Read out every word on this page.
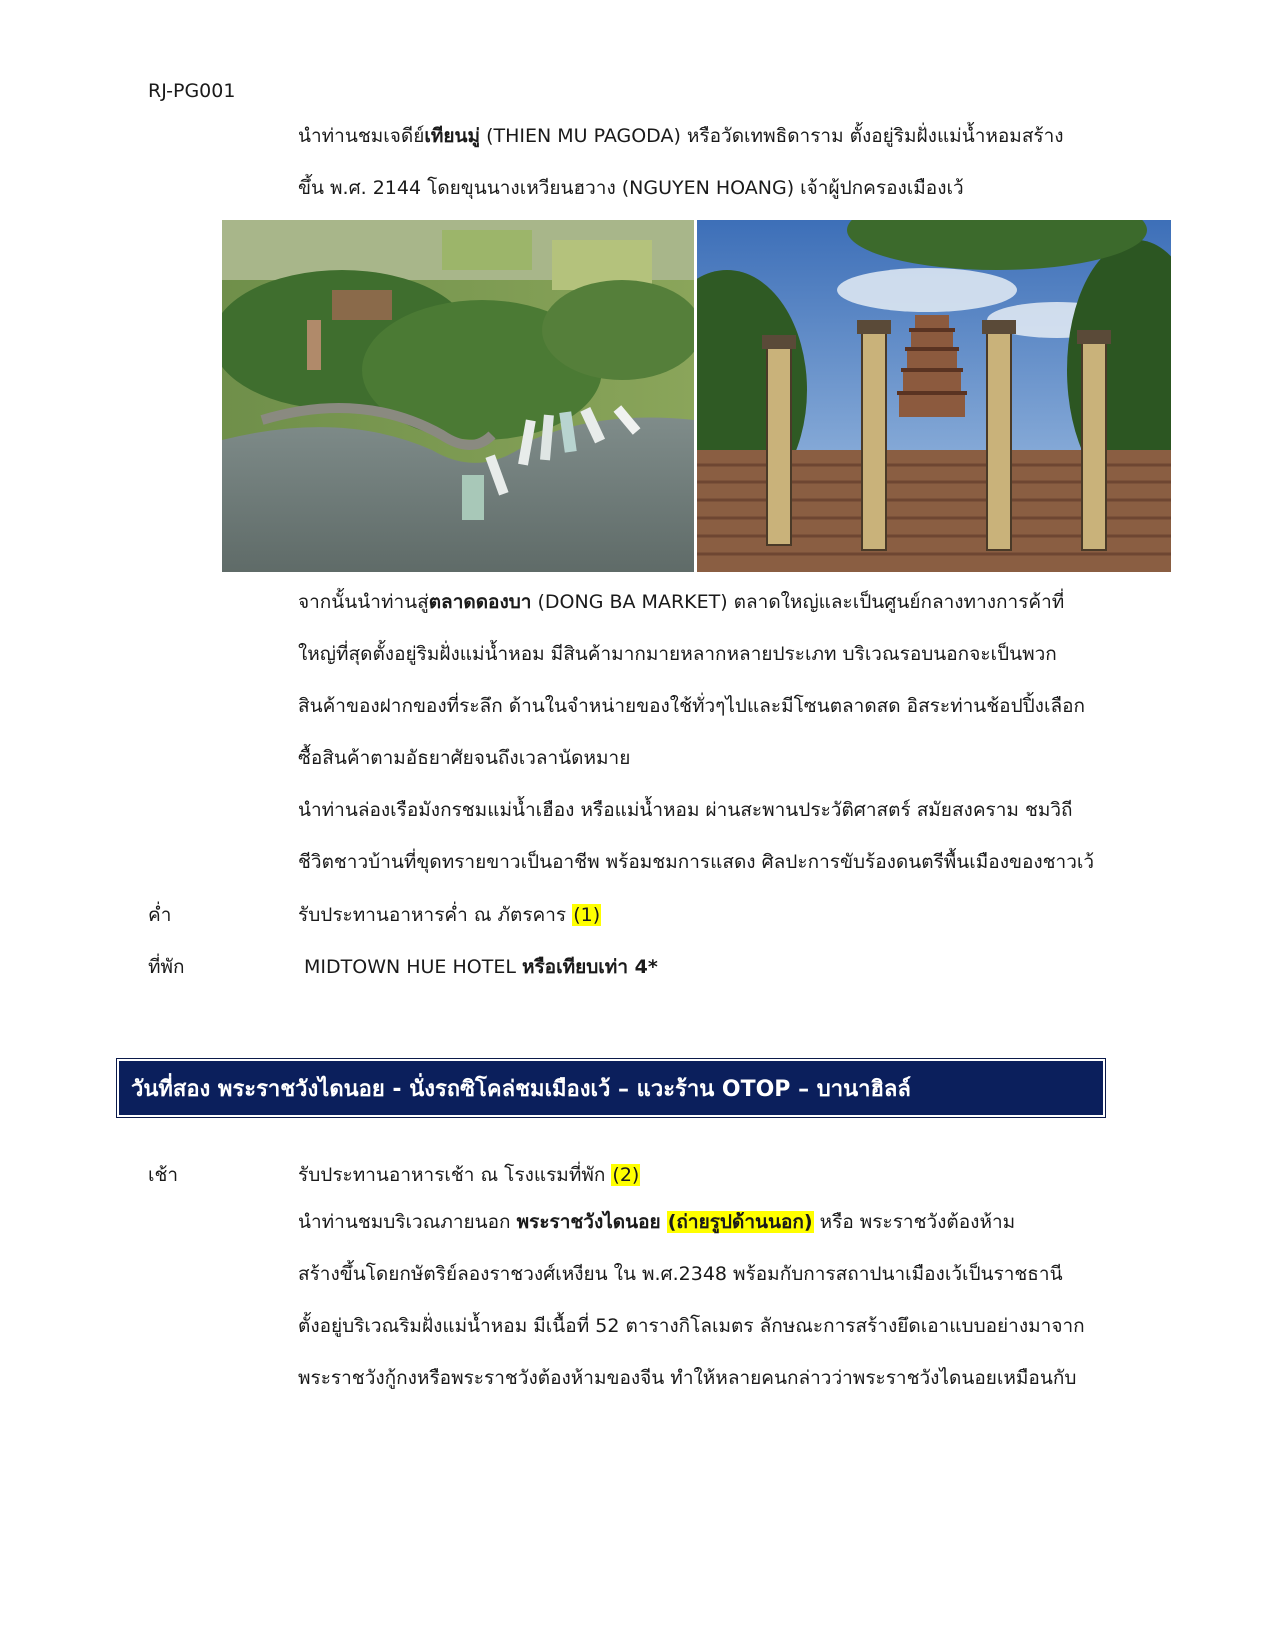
RJ-PG001

นำท่านชมเจดีย์เทียนมู่ (THIEN MU PAGODA) หรือวัดเทพธิดาราม ตั้งอยู่ริมฝั่งแม่น้ำหอมสร้าง

ขึ้น พ.ศ. 2144 โดยขุนนางเหวียนฮวาง (NGUYEN HOANG) เจ้าผู้ปกครองเมืองเว้

จากนั้นนำท่านสู่ตลาดดองบา (DONG BA MARKET) ตลาดใหญ่และเป็นศูนย์กลางทางการค้าที่

ใหญ่ที่สุดตั้งอยู่ริมฝั่งแม่น้ำหอม มีสินค้ามากมายหลากหลายประเภท บริเวณรอบนอกจะเป็นพวก

สินค้าของฝากของที่ระลึก ด้านในจำหน่ายของใช้ทั่วๆไปและมีโซนตลาดสด อิสระท่านช้อปปิ้งเลือก

ซื้อสินค้าตามอัธยาศัยจนถึงเวลานัดหมาย

นำท่านล่องเรือมังกรชมแม่น้ำเฮือง หรือแม่น้ำหอม ผ่านสะพานประวัติศาสตร์ สมัยสงคราม ชมวิถี

ชีวิตชาวบ้านที่ขุดทรายขาวเป็นอาชีพ พร้อมชมการแสดง ศิลปะการขับร้องดนตรีพื้นเมืองของชาวเว้

ค่ำ	รับประทานอาหารค่ำ ณ ภัตรคาร (1)
ที่พัก	MIDTOWN HUE HOTEL หรือเทียบเท่า 4*
วันที่สอง พระราชวังไดนอย - นั่งรถซิโคล่ชมเมืองเว้ – แวะร้าน OTOP – บานาฮิลล์
เช้า	รับประทานอาหารเช้า ณ โรงแรมที่พัก (2)

นำท่านชมบริเวณภายนอก พระราชวังไดนอย (ถ่ายรูปด้านนอก) หรือ พระราชวังต้องห้าม

สร้างขึ้นโดยกษัตริย์ลองราชวงศ์เหงียน ใน พ.ศ.2348 พร้อมกับการสถาปนาเมืองเว้เป็นราชธานี

ตั้งอยู่บริเวณริมฝั่งแม่น้ำหอม มีเนื้อที่ 52 ตารางกิโลเมตร ลักษณะการสร้างยึดเอาแบบอย่างมาจาก

พระราชวังกู้กงหรือพระราชวังต้องห้ามของจีน ทำให้หลายคนกล่าวว่าพระราชวังไดนอยเหมือนกับ
